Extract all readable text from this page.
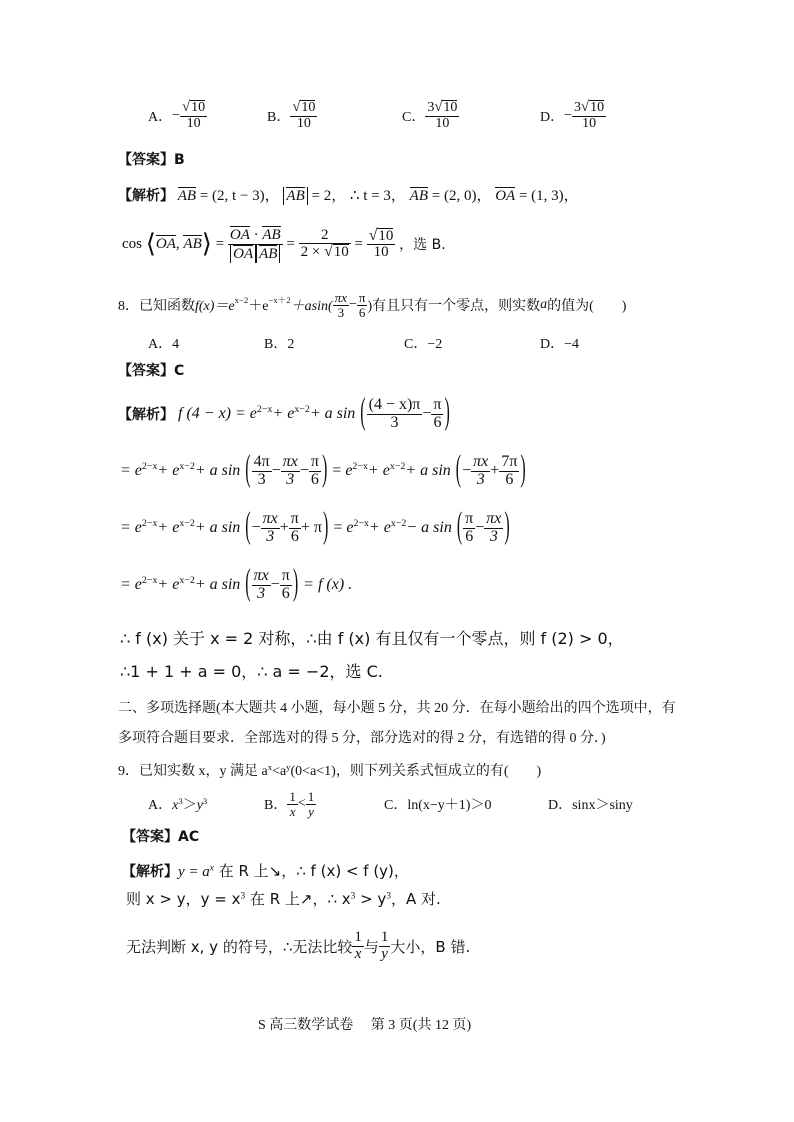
A．− $\frac{√10}{10}$	B． $\frac{√10}{10}$	C． $\frac{3√10}{10}$	D．− $\frac{3√10}{10}$
【答案】B
【解析】 AB = (2, t − 3)， AB = 2， ∴ t = 3， AB = (2, 0)， OA = (1, 3)，
cos ⟨OA, AB⟩ = $\frac{OA \cdot AB}{\text{OA AB}} = \frac{2}{2 \times √10} = \frac{√10}{10}$ ，选 B.
8．已知函数$f(x)=e^{x-2}+e^{-x+2}+asin( \frac{\pi x}{3} - \frac{\pi}{6}$ )有且只有一个零点，则实数a的值为(　　)
A．4	B．2	C．−2	D．−4
【答案】C
【解析】 f $(4 - x) = e^{2-x}+ e^{x-2}+ a$ sin ( $\frac{(4 - x)\pi}{3} - \frac{\pi}{6}$ )
= $e^{2-x}+ e^{x-2}+ a$ sin ( $\frac{4\pi}{3} - \frac{\pi x}{3} - \frac{\pi}{6}$ ) = $e^{2-x}+ e^{x-2}+ a$ sin (− $\frac{\pi x}{3} + \frac{7\pi}{6}$ )
= $e^{2-x}+ e^{x-2}+ a$ sin (− $\frac{\pi x}{3} + \frac{\pi}{6} + \pi) = e^{2-x}+ e^{x-2}- a$ sin ( $\frac{\pi}{6} - \frac{\pi x}{3}$ )
= $e^{2-x}+ e^{x-2}+ a$ sin ( $\frac{\pi x}{3} - \frac{\pi}{6}$ ) = f (x) .
∴ f (x) 关于 x = 2 对称，∴由 f (x) 有且仅有一个零点，则 f (2) > 0，
∴1 + 1 + a = 0，∴ a = −2，选 C.
二、多项选择题(本大题共 4 小题，每小题 5 分，共 20 分．在每小题给出的四个选项中，有
多项符合题目要求．全部选对的得 5 分，部分选对的得 2 分，有选错的得 0 分．)
9．已知实数 x，y 满足 $a^x<a^y(0<a<1)$，则下列关系式恒成立的有(　　)
A．$x^3>y^3$	B． $\frac{1}{x} < \frac{1}{y}$	C．ln(x−y＋1)＞0	D．sinx＞siny
【答案】AC
【解析】$y = a^x$ 在 R 上↘，∴ f (x) < f (y)，
则 x > y，$y = x^3$ 在 R 上↗，∴ $x^3 > y^3$，A 对.
无法判断 x, y 的符号，∴无法比较 $\frac{1}{x}$ 与 $\frac{1}{y}$ 大小，B 错.
S 高三数学试卷　 第 3 页(共 12 页)
